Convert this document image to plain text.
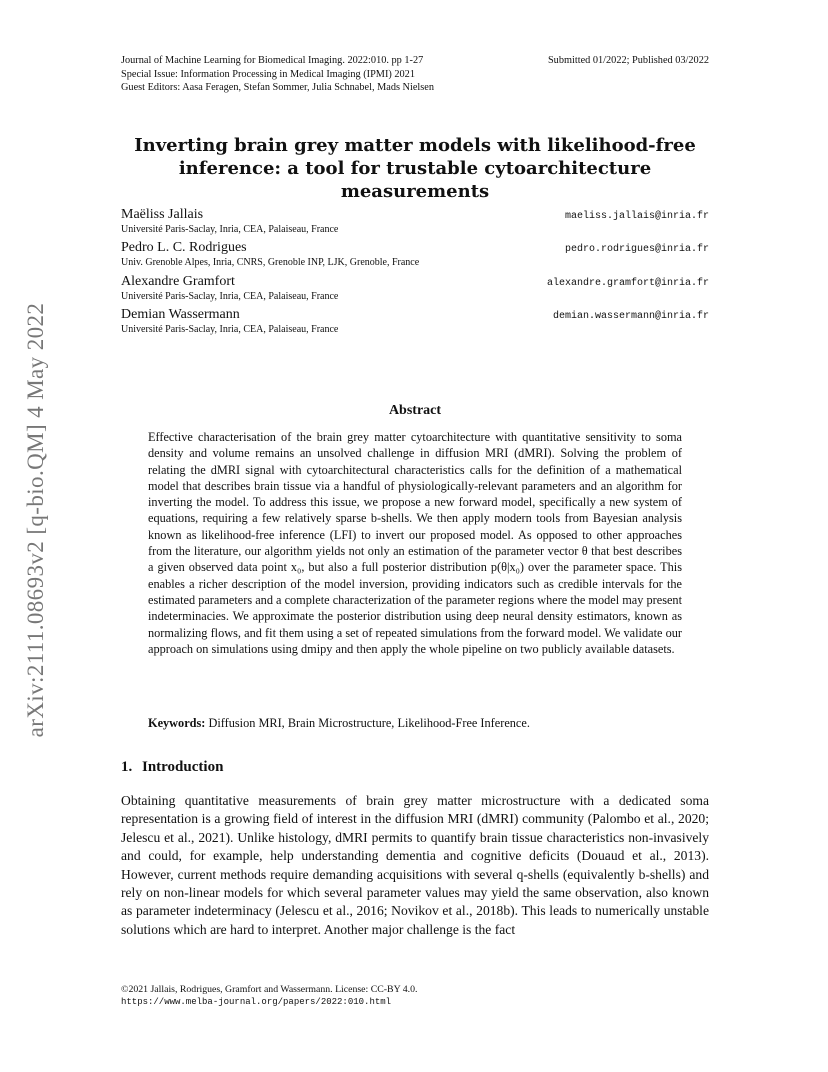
arXiv:2111.08693v2 [q-bio.QM] 4 May 2022
Journal of Machine Learning for Biomedical Imaging. 2022:010. pp 1-27	Submitted 01/2022; Published 03/2022
Special Issue: Information Processing in Medical Imaging (IPMI) 2021
Guest Editors: Aasa Feragen, Stefan Sommer, Julia Schnabel, Mads Nielsen
Inverting brain grey matter models with likelihood-free
inference: a tool for trustable cytoarchitecture measurements
Maëliss Jallais	maeliss.jallais@inria.fr
Université Paris-Saclay, Inria, CEA, Palaiseau, France
Pedro L. C. Rodrigues	pedro.rodrigues@inria.fr
Univ. Grenoble Alpes, Inria, CNRS, Grenoble INP, LJK, Grenoble, France
Alexandre Gramfort	alexandre.gramfort@inria.fr
Université Paris-Saclay, Inria, CEA, Palaiseau, France
Demian Wassermann	demian.wassermann@inria.fr
Université Paris-Saclay, Inria, CEA, Palaiseau, France
Abstract
Effective characterisation of the brain grey matter cytoarchitecture with quantitative sensitivity to soma density and volume remains an unsolved challenge in diffusion MRI (dMRI). Solving the problem of relating the dMRI signal with cytoarchitectural characteristics calls for the definition of a mathematical model that describes brain tissue via a handful of physiologically-relevant parameters and an algorithm for inverting the model. To address this issue, we propose a new forward model, specifically a new system of equations, requiring a few relatively sparse b-shells. We then apply modern tools from Bayesian analysis known as likelihood-free inference (LFI) to invert our proposed model. As opposed to other approaches from the literature, our algorithm yields not only an estimation of the parameter vector θ that best describes a given observed data point x₀, but also a full posterior distribution p(θ|x₀) over the parameter space. This enables a richer description of the model inversion, providing indicators such as credible intervals for the estimated parameters and a complete characterization of the parameter regions where the model may present indeterminacies. We approximate the posterior distribution using deep neural density estimators, known as normalizing flows, and fit them using a set of repeated simulations from the forward model. We validate our approach on simulations using dmipy and then apply the whole pipeline on two publicly available datasets.
Keywords: Diffusion MRI, Brain Microstructure, Likelihood-Free Inference.
1. Introduction
Obtaining quantitative measurements of brain grey matter microstructure with a dedicated soma representation is a growing field of interest in the diffusion MRI (dMRI) community (Palombo et al., 2020; Jelescu et al., 2021). Unlike histology, dMRI permits to quantify brain tissue characteristics non-invasively and could, for example, help understanding dementia and cognitive deficits (Douaud et al., 2013). However, current methods require demanding acquisitions with several q-shells (equivalently b-shells) and rely on non-linear models for which several parameter values may yield the same observation, also known as parameter indeterminacy (Jelescu et al., 2016; Novikov et al., 2018b). This leads to numerically unstable solutions which are hard to interpret. Another major challenge is the fact
©2021 Jallais, Rodrigues, Gramfort and Wassermann. License: CC-BY 4.0.
https://www.melba-journal.org/papers/2022:010.html
